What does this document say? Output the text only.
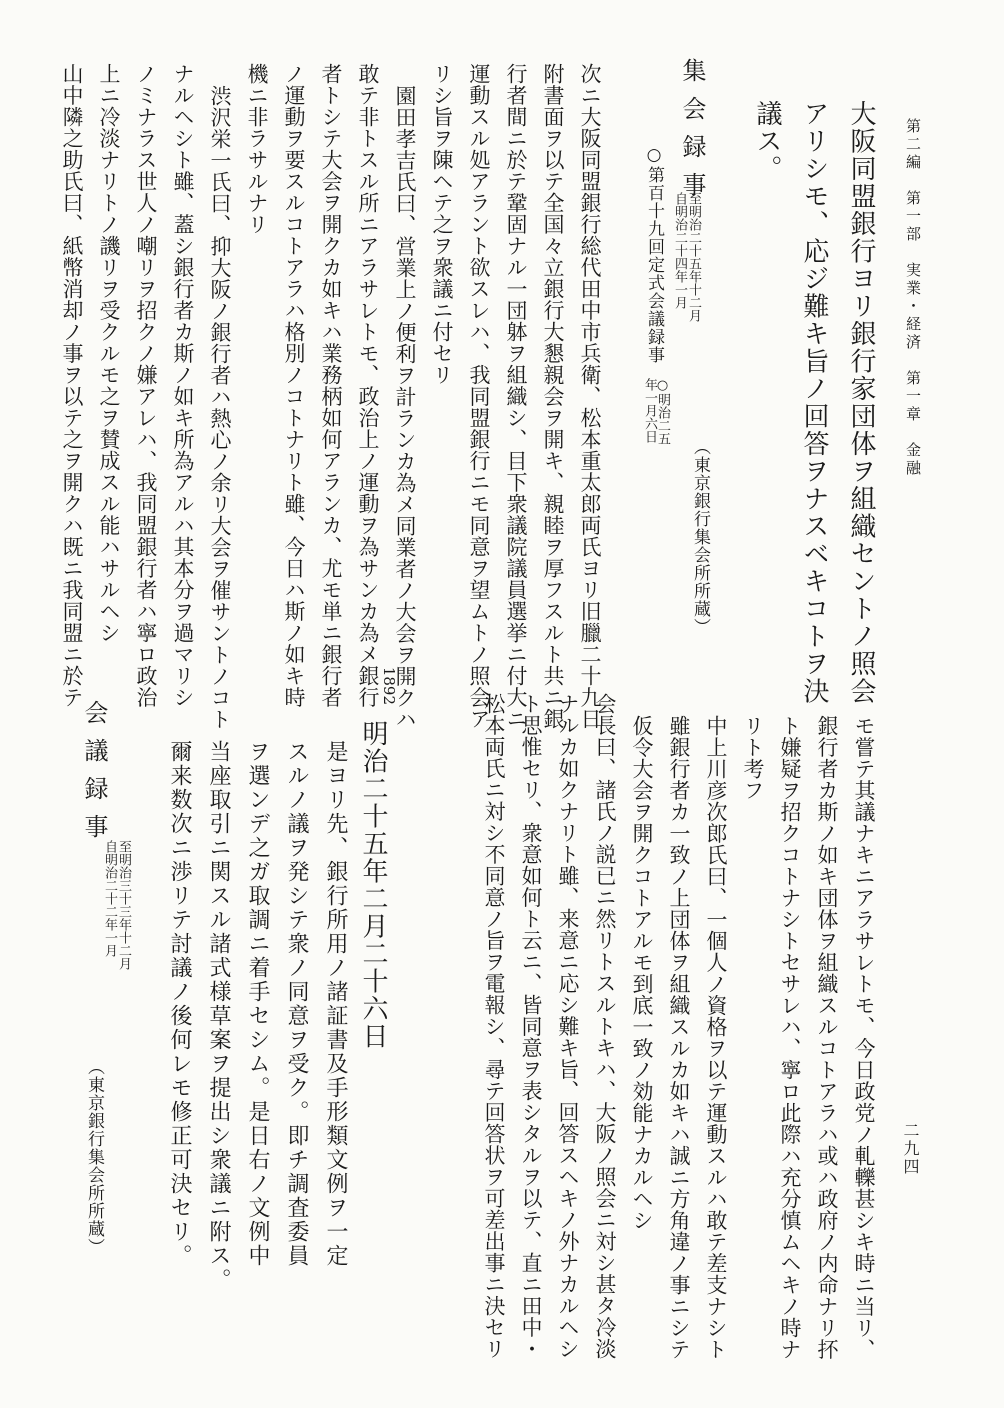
第二編　第一部　実業・経済　第一章　金融
二九四
大阪同盟銀行ヨリ銀行家団体ヲ組織セントノ照会
アリシモ、応ジ難キ旨ノ回答ヲナスベキコトヲ決
議ス。
集会録事
自明治二十四年一月 至明治二十五年十二月
（東京銀行集会所所蔵）
○第百十九回定式会議録事
○明治二五
年一月六日
次ニ大阪同盟銀行総代田中市兵衛、松本重太郎両氏ヨリ旧臘二十九日
附書面ヲ以テ全国々立銀行大懇親会ヲ開キ、親睦ヲ厚フスルト共ニ銀
行者間ニ於テ鞏固ナル一団躰ヲ組織シ、目下衆議院議員選挙ニ付大ニ
運動スル処アラント欲スレハ、我同盟銀行ニモ同意ヲ望ムトノ照会ア
リシ旨ヲ陳ヘテ之ヲ衆議ニ付セリ
園田孝吉氏曰、営業上ノ便利ヲ計ランカ為メ同業者ノ大会ヲ開クハ
敢テ非トスル所ニアラサレトモ、政治上ノ運動ヲ為サンカ為メ銀行
者トシテ大会ヲ開クカ如キハ業務柄如何アランカ、尤モ単ニ銀行者
ノ運動ヲ要スルコトアラハ格別ノコトナリト雖、今日ハ斯ノ如キ時
機ニ非ラサルナリ
渋沢栄一氏曰、抑大阪ノ銀行者ハ熱心ノ余リ大会ヲ催サントノコト
ナルヘシト雖、蓋シ銀行者カ斯ノ如キ所為アルハ其本分ヲ過マリシ
ノミナラス世人ノ嘲リヲ招クノ嫌アレハ、我同盟銀行者ハ寧ロ政治
上ニ冷淡ナリトノ譏リヲ受クルモ之ヲ賛成スル能ハサルヘシ
山中隣之助氏曰、紙幣消却ノ事ヲ以テ之ヲ開クハ既ニ我同盟ニ於テ
モ嘗テ其議ナキニアラサレトモ、今日政党ノ軋轢甚シキ時ニ当リ、
銀行者カ斯ノ如キ団体ヲ組織スルコトアラハ或ハ政府ノ内命ナリ抔
ト嫌疑ヲ招クコトナシトセサレハ、寧ロ此際ハ充分慎ムヘキノ時ナ
リト考フ
中上川彦次郎氏曰、一個人ノ資格ヲ以テ運動スルハ敢テ差支ナシト
雖銀行者カ一致ノ上団体ヲ組織スルカ如キハ誠ニ方角違ノ事ニシテ
仮令大会ヲ開クコトアルモ到底一致ノ効能ナカルヘシ
会長曰、諸氏ノ説已ニ然リトスルトキハ、大阪ノ照会ニ対シ甚タ冷淡
ナルカ如クナリト雖、来意ニ応シ難キ旨、回答スヘキノ外ナカルヘシ
ト思惟セリ、衆意如何ト云ニ、皆同意ヲ表シタルヲ以テ、直ニ田中・
松本両氏ニ対シ不同意ノ旨ヲ電報シ、尋テ回答状ヲ可差出事ニ決セリ
1892
明治二十五年二月二十六日
是ヨリ先、銀行所用ノ諸証書及手形類文例ヲ一定
スルノ議ヲ発シテ衆ノ同意ヲ受ク。即チ調査委員
ヲ選ンデ之ガ取調ニ着手セシム。是日右ノ文例中
当座取引ニ関スル諸式様草案ヲ提出シ衆議ニ附ス。
爾来数次ニ渉リテ討議ノ後何レモ修正可決セリ。
会議録事
自明治二十二年一月 至明治三十三年十二月
（東京銀行集会所所蔵）
